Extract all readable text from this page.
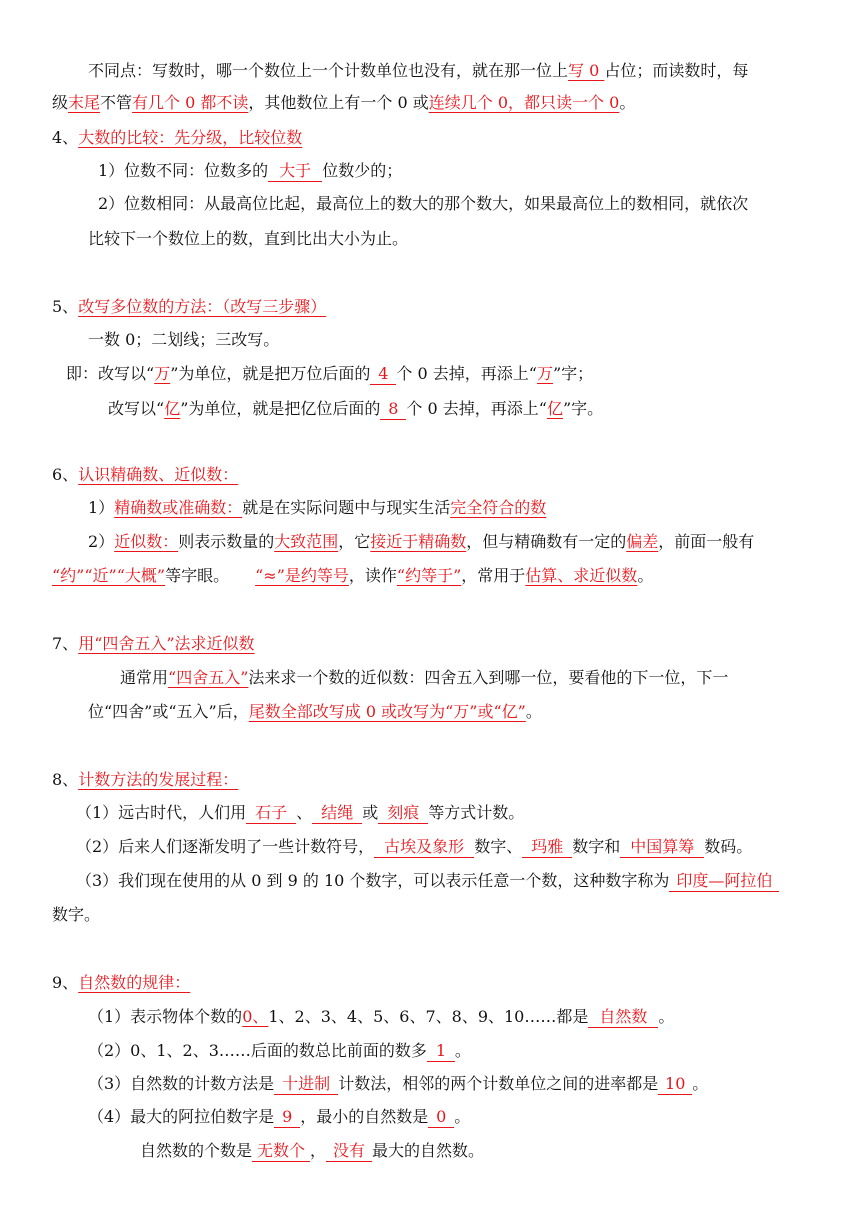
不同点：写数时，哪一个数位上一个计数单位也没有，就在那一位上写 0 占位；而读数时，每
级末尾不管有几个 0 都不读，其他数位上有一个 0 或连续几个 0，都只读一个 0。
4、大数的比较：先分级，比较位数
1）位数不同：位数多的 大于 位数少的；
2）位数相同：从最高位比起，最高位上的数大的那个数大，如果最高位上的数相同，就依次
比较下一个数位上的数，直到比出大小为止。
5、改写多位数的方法：（改写三步骤）
一数 0；二划线；三改写。
即：改写以“万”为单位，就是把万位后面的 4 个 0 去掉，再添上“万”字；
改写以“亿”为单位，就是把亿位后面的 8 个 0 去掉，再添上“亿”字。
6、认识精确数、近似数：
1）精确数或准确数：就是在实际问题中与现实生活完全符合的数
2）近似数：则表示数量的大致范围，它接近于精确数，但与精确数有一定的偏差，前面一般有
“约”“近”“大概”等字眼。 “≈”是约等号，读作“约等于”，常用于估算、求近似数。
7、用“四舍五入”法求近似数
通常用“四舍五入”法来求一个数的近似数：四舍五入到哪一位，要看他的下一位，下一
位“四舍”或“五入”后，尾数全部改写成 0 或改写为“万”或“亿”。
8、计数方法的发展过程：
（1）远古时代，人们用 石子 、 结绳 或 刻痕 等方式计数。
（2）后来人们逐渐发明了一些计数符号， 古埃及象形 数字、 玛雅 数字和 中国算筹 数码。
（3）我们现在使用的从 0 到 9 的 10 个数字，可以表示任意一个数，这种数字称为 印度—阿拉伯
数字。
9、自然数的规律：
（1）表示物体个数的0、1、2、3、4、5、6、7、8、9、10……都是 自然数 。
（2）0、1、2、3……后面的数总比前面的数多 1 。
（3）自然数的计数方法是 十进制 计数法，相邻的两个计数单位之间的进率都是 10 。
（4）最大的阿拉伯数字是 9 ，最小的自然数是 0 。
自然数的个数是 无数个 ， 没有 最大的自然数。
